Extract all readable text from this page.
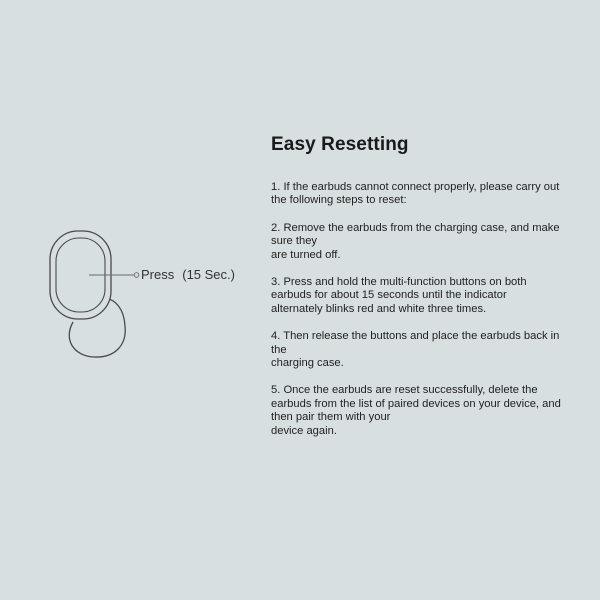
Press (15 Sec.)
Easy Resetting

1. If the earbuds cannot connect properly, please carry out the following steps to reset:

2. Remove the earbuds from the charging case, and make sure they
are turned off.

3. Press and hold the multi-function buttons on both earbuds for about 15 seconds until the indicator alternately blinks red and white three times.

4. Then release the buttons and place the earbuds back in the
charging case.

5. Once the earbuds are reset successfully, delete the earbuds from the list of paired devices on your device, and then pair them with your
device again.
